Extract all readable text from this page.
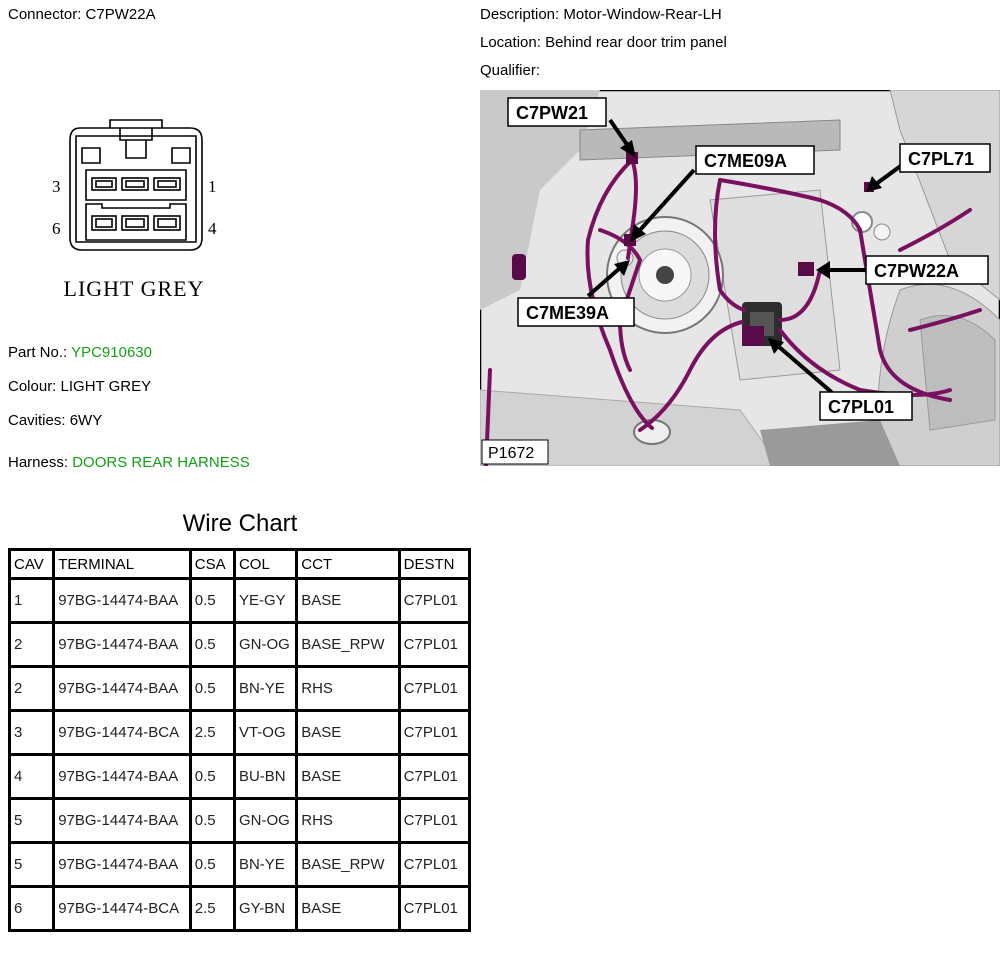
Connector: C7PW22A	Description: Motor-Window-Rear-LH
Location: Behind rear door trim panel
Qualifier:
3	1
6	4
LIGHT GREY
Part No.: YPC910630
Colour: LIGHT GREY
Cavities: 6WY
Harness: DOORS REAR HARNESS
C7PW21
C7ME09A	C7PL71
C7PW22A
C7ME39A
C7PL01
P1672
Wire Chart
CAV	TERMINAL	CSA	COL	CCT	DESTN
1	97BG-14474-BAA	0.5	YE-GY	BASE	C7PL01
2	97BG-14474-BAA	0.5	GN-OG	BASE_RPW	C7PL01
2	97BG-14474-BAA	0.5	BN-YE	RHS	C7PL01
3	97BG-14474-BCA	2.5	VT-OG	BASE	C7PL01
4	97BG-14474-BAA	0.5	BU-BN	BASE	C7PL01
5	97BG-14474-BAA	0.5	GN-OG	RHS	C7PL01
5	97BG-14474-BAA	0.5	BN-YE	BASE_RPW	C7PL01
6	97BG-14474-BCA	2.5	GY-BN	BASE	C7PL01
